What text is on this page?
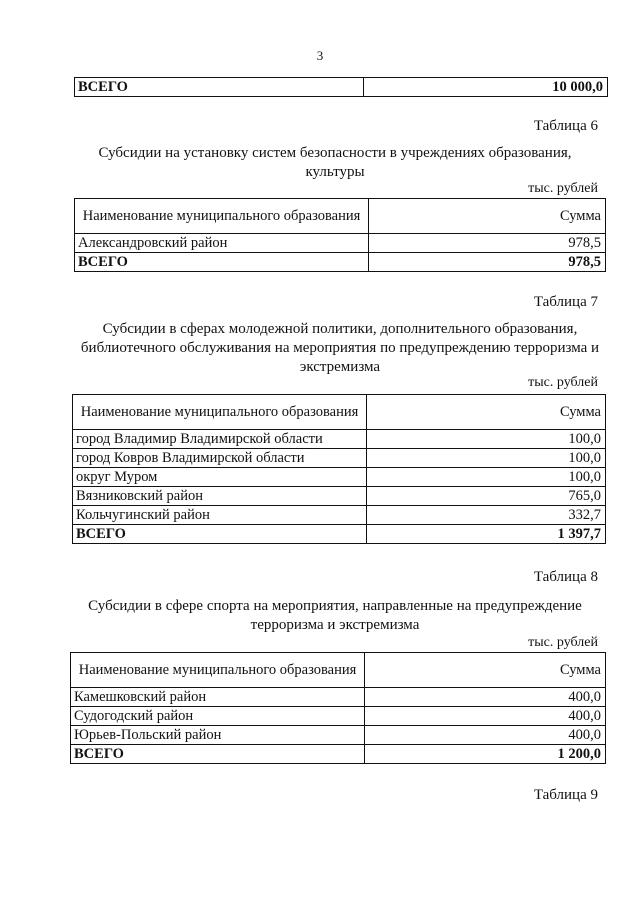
3
ВСЕГО	10 000,0
Таблица 6
Субсидии на установку систем безопасности в учреждениях образования, культуры
тыс. рублей
Наименование муниципального образования	Сумма
Александровский район	978,5
ВСЕГО	978,5
Таблица 7
Субсидии в сферах молодежной политики, дополнительного образования, библиотечного обслуживания на мероприятия по предупреждению терроризма и экстремизма
тыс. рублей
Наименование муниципального образования	Сумма
город Владимир Владимирской области	100,0
город Ковров Владимирской области	100,0
округ Муром	100,0
Вязниковский район	765,0
Кольчугинский район	332,7
ВСЕГО	1 397,7
Таблица 8
Субсидии в сфере спорта на мероприятия, направленные на предупреждение терроризма и экстремизма
тыс. рублей
Наименование муниципального образования	Сумма
Камешковский район	400,0
Судогодский район	400,0
Юрьев-Польский район	400,0
ВСЕГО	1 200,0
Таблица 9
